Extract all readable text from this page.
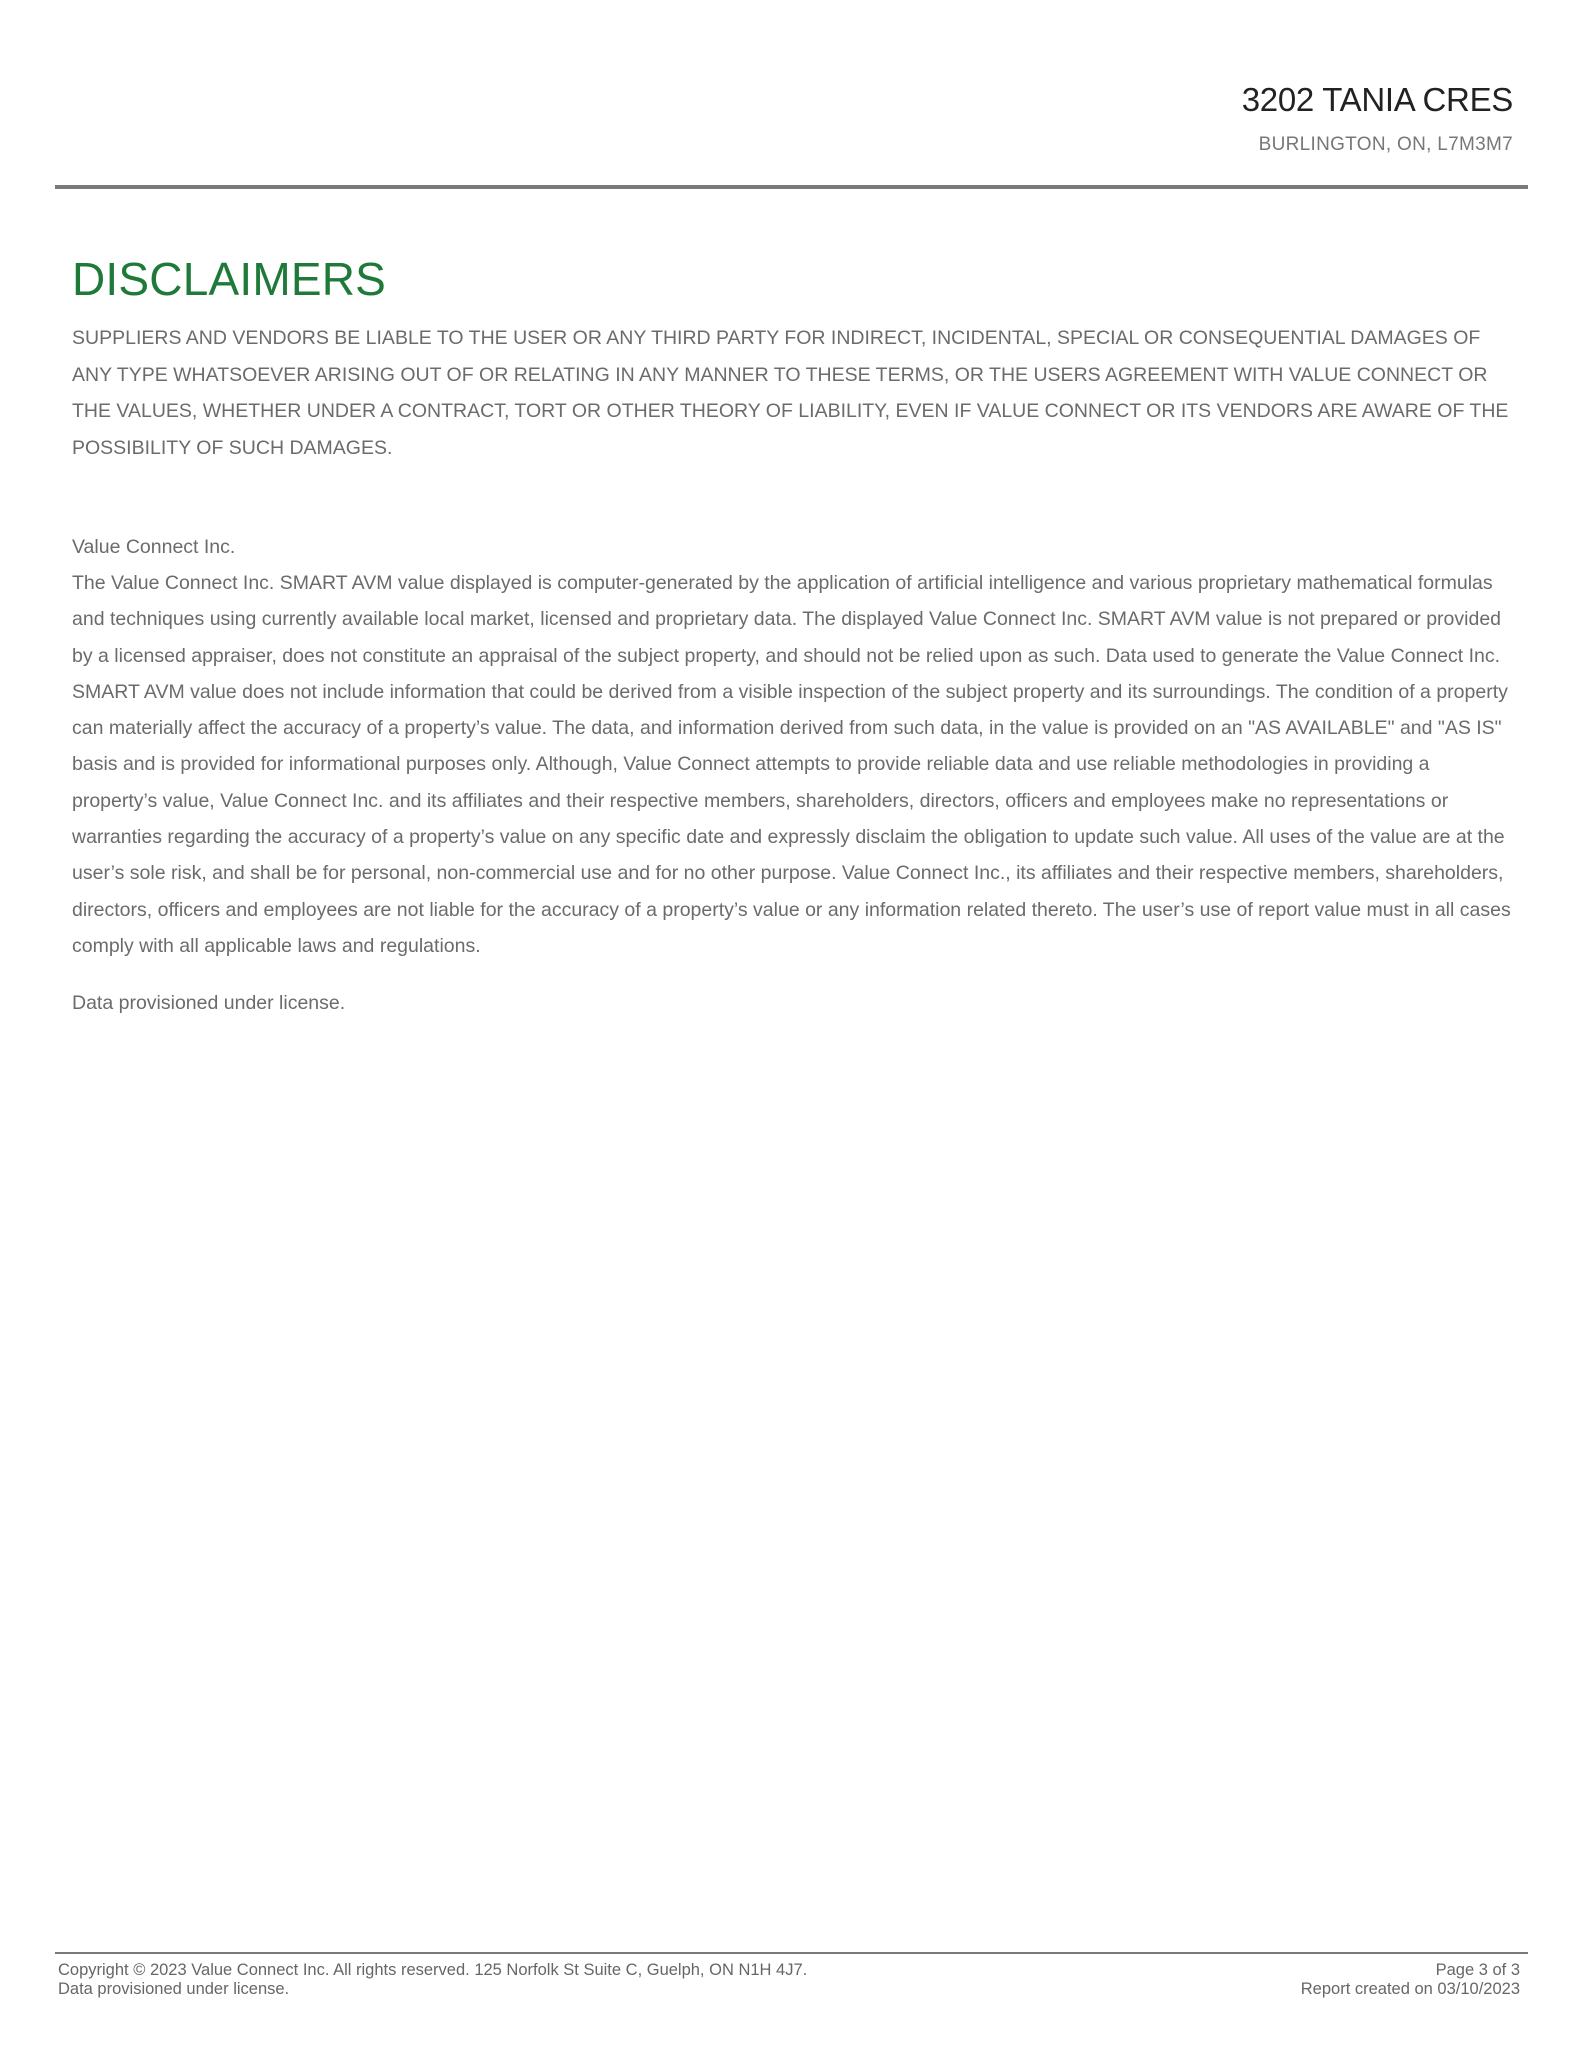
3202 TANIA CRES
BURLINGTON, ON, L7M3M7
DISCLAIMERS

SUPPLIERS AND VENDORS BE LIABLE TO THE USER OR ANY THIRD PARTY FOR INDIRECT, INCIDENTAL, SPECIAL OR CONSEQUENTIAL DAMAGES OF ANY TYPE WHATSOEVER ARISING OUT OF OR RELATING IN ANY MANNER TO THESE TERMS, OR THE USERS AGREEMENT WITH VALUE CONNECT OR THE VALUES, WHETHER UNDER A CONTRACT, TORT OR OTHER THEORY OF LIABILITY, EVEN IF VALUE CONNECT OR ITS VENDORS ARE AWARE OF THE POSSIBILITY OF SUCH DAMAGES.

Value Connect Inc.

The Value Connect Inc. SMART AVM value displayed is computer-generated by the application of artificial intelligence and various proprietary mathematical formulas and techniques using currently available local market, licensed and proprietary data. The displayed Value Connect Inc. SMART AVM value is not prepared or provided by a licensed appraiser, does not constitute an appraisal of the subject property, and should not be relied upon as such. Data used to generate the Value Connect Inc. SMART AVM value does not include information that could be derived from a visible inspection of the subject property and its surroundings. The condition of a property can materially affect the accuracy of a property’s value. The data, and information derived from such data, in the value is provided on an "AS AVAILABLE" and "AS IS" basis and is provided for informational purposes only. Although, Value Connect attempts to provide reliable data and use reliable methodologies in providing a property’s value, Value Connect Inc. and its affiliates and their respective members, shareholders, directors, officers and employees make no representations or warranties regarding the accuracy of a property’s value on any specific date and expressly disclaim the obligation to update such value. All uses of the value are at the user’s sole risk, and shall be for personal, non-commercial use and for no other purpose. Value Connect Inc., its affiliates and their respective members, shareholders, directors, officers and employees are not liable for the accuracy of a property’s value or any information related thereto. The user’s use of report value must in all cases comply with all applicable laws and regulations.

Data provisioned under license.
Copyright © 2023 Value Connect Inc. All rights reserved. 125 Norfolk St Suite C, Guelph, ON N1H 4J7.
Data provisioned under license.
Page 3 of 3
Report created on 03/10/2023
